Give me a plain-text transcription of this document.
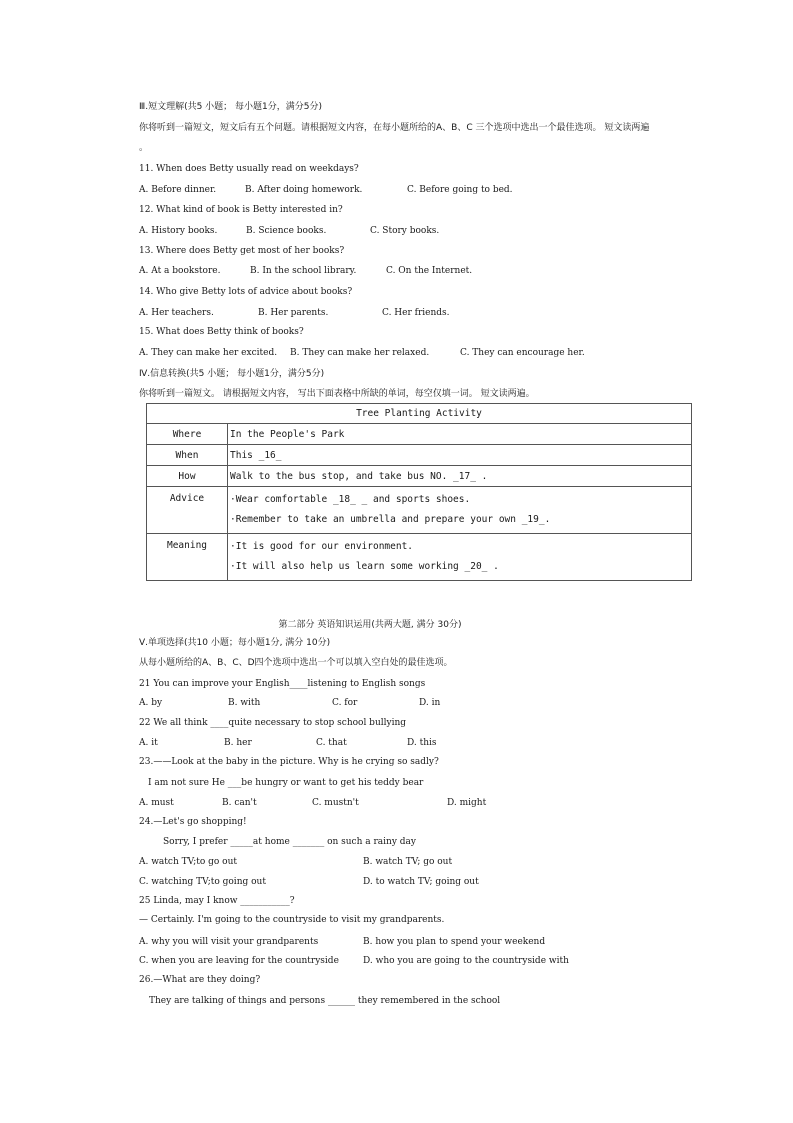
Ⅲ.短文理解(共5 小题； 每小题1分，满分5分)
你将听到一篇短文，短文后有五个问题。请根据短文内容，在每小题所给的A、B、C 三个选项中选出一个最佳选项。 短文读两遍
。
11. When does Betty usually read on weekdays?
A. Before dinner.	B. After doing homework.	C. Before going to bed.
12. What kind of book is Betty interested in?
A. History books.	B. Science books.	C. Story books.
13. Where does Betty get most of her books?
A. At a bookstore.	B. In the school library.	C. On the Internet.
14. Who give Betty lots of advice about books?
A. Her teachers.	B. Her parents.	C. Her friends.
15. What does Betty think of books?
A. They can make her excited. B. They can make her relaxed.	C. They can encourage her.
Ⅳ.信息转换(共5 小题； 每小题1分，满分5分)
你将听到一篇短文。 请根据短文内容， 写出下面表格中所缺的单词，每空仅填一词。 短文读两遍。
Tree Planting Activity	
Where	In the People's Park
When	This _16_
How	Walk to the bus stop, and take bus NO. _17_ .
Advice	·Wear comfortable _18_ _ and sports shoes.
·Remember to take an umbrella and prepare your own _19_.

Meaning	·It is good for our environment.
·It will also help us learn some working _20_ .
第二部分 英语知识运用(共两大题, 满分 30分)
Ⅴ.单项选择(共10 小题；每小题1分, 满分 10分)
从每小题所给的A、B、C、D四个选项中选出一个可以填入空白处的最佳选项。
21 You can improve your English____listening to English songs
A. by	B. with	C. for	D. in
22 We all think ____quite necessary to stop school bullying
A. it	B. her	C. that	D. this
23.——Look at the baby in the picture. Why is he crying so sadly?
I am not sure He ___be hungry or want to get his teddy bear
A. must	B. can't	C. mustn't	D. might
24.—Let's go shopping!
Sorry, I prefer _____at home _______ on such a rainy day
A. watch TV;to go out	B. watch TV; go out
C. watching TV;to going out	D. to watch TV; going out
25 Linda, may I know ___________?
— Certainly. I'm going to the countryside to visit my grandparents.
A. why you will visit your grandparents	B. how you plan to spend your weekend
C. when you are leaving for the countryside	D. who you are going to the countryside with
26.—What are they doing?
They are talking of things and persons ______ they remembered in the school
